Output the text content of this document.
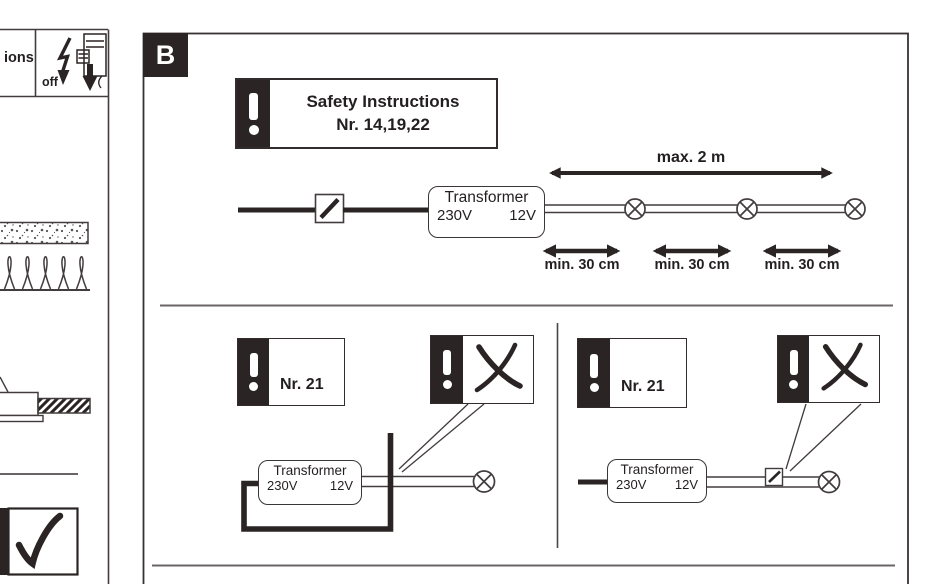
ions
off
B
Safety Instructions
Nr. 14,19,22
Transformer
230V 12V
max. 2 m
min. 30 cm	min. 30 cm	min. 30 cm
Nr. 21
Transformer
230V 12V
Nr. 21
Transformer
230V 12V
